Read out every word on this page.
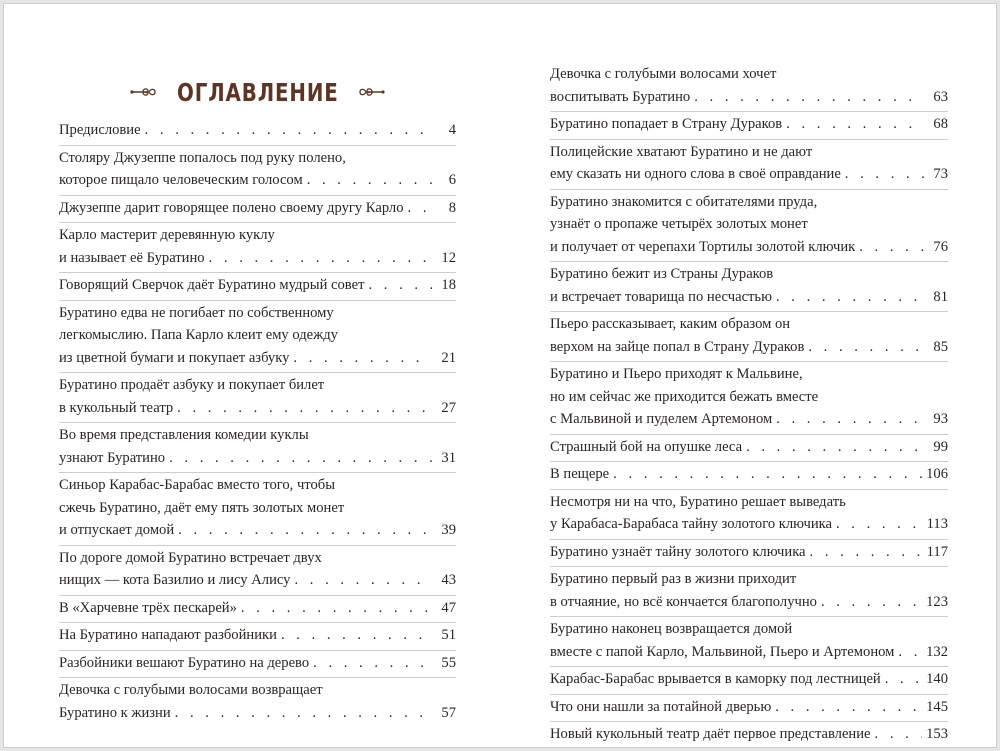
ОГЛАВЛЕНИЕ
Предисловие . . .	4
Столяру Джузеппе попалось под руку полено,
которое пищало человеческим голосом . . .	6
Джузеппе дарит говорящее полено своему другу Карло . . .	8
Карло мастерит деревянную куклу
и называет её Буратино . . .	12
Говорящий Сверчок даёт Буратино мудрый совет . . .	18
Буратино едва не погибает по собственному
легкомыслию. Папа Карло клеит ему одежду
из цветной бумаги и покупает азбуку . . .	21
Буратино продаёт азбуку и покупает билет
в кукольный театр . . .	27
Во время представления комедии куклы
узнают Буратино . . .	31
Синьор Карабас-Барабас вместо того, чтобы
сжечь Буратино, даёт ему пять золотых монет
и отпускает домой . . .	39
По дороге домой Буратино встречает двух
нищих — кота Базилио и лису Алису . . .	43
В «Харчевне трёх пескарей» . . .	47
На Буратино нападают разбойники . . .	51
Разбойники вешают Буратино на дерево . . .	55
Девочка с голубыми волосами возвращает
Буратино к жизни . . .	57
Девочка с голубыми волосами хочет
воспитывать Буратино . . .	63
Буратино попадает в Страну Дураков . . .	68
Полицейские хватают Буратино и не дают
ему сказать ни одного слова в своё оправдание . . .	73
Буратино знакомится с обитателями пруда,
узнаёт о пропаже четырёх золотых монет
и получает от черепахи Тортилы золотой ключик . . .	76
Буратино бежит из Страны Дураков
и встречает товарища по несчастью . . .	81
Пьеро рассказывает, каким образом он
верхом на зайце попал в Страну Дураков . . .	85
Буратино и Пьеро приходят к Мальвине,
но им сейчас же приходится бежать вместе
с Мальвиной и пуделем Артемоном . . .	93
Страшный бой на опушке леса . . .	99
В пещере . . .	106
Несмотря ни на что, Буратино решает выведать
у Карабаса-Барабаса тайну золотого ключика . . .	113
Буратино узнаёт тайну золотого ключика . . .	117
Буратино первый раз в жизни приходит
в отчаяние, но всё кончается благополучно . . .	123
Буратино наконец возвращается домой
вместе с папой Карло, Мальвиной, Пьеро и Артемоном . . . 132
Карабас-Барабас врывается в каморку под лестницей . . .	140
Что они нашли за потайной дверью . . .	145
Новый кукольный театр даёт первое представление . . .	153
